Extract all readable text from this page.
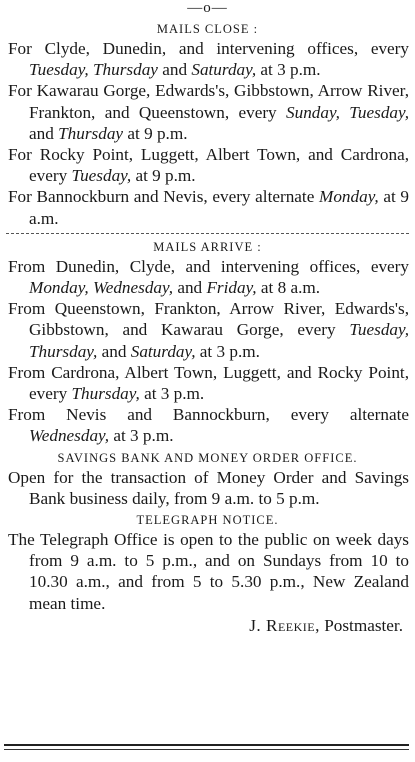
—o—
MAILS CLOSE :

For Clyde, Dunedin, and intervening offices, every Tuesday, Thursday and Saturday, at 3 p.m.

For Kawarau Gorge, Edwards's, Gibbstown, Arrow River, Frankton, and Queenstown, every Sunday, Tuesday, and Thursday at 9 p.m.

For Rocky Point, Luggett, Albert Town, and Cardrona, every Tuesday, at 9 p.m.

For Bannockburn and Nevis, every alternate Monday, at 9 a.m.

MAILS ARRIVE :

From Dunedin, Clyde, and intervening offices, every Monday, Wednesday, and Friday, at 8 a.m.

From Queenstown, Frankton, Arrow River, Edwards's, Gibbstown, and Kawarau Gorge, every Tuesday, Thursday, and Saturday, at 3 p.m.

From Cardrona, Albert Town, Luggett, and Rocky Point, every Thursday, at 3 p.m.

From Nevis and Bannockburn, every alternate Wednesday, at 3 p.m.

SAVINGS BANK AND MONEY ORDER OFFICE.

Open for the transaction of Money Order and Savings Bank business daily, from 9 a.m. to 5 p.m.

TELEGRAPH NOTICE.

The Telegraph Office is open to the public on week days from 9 a.m. to 5 p.m., and on Sundays from 10 to 10.30 a.m., and from 5 to 5.30 p.m., New Zealand mean time.

J. Reekie, Postmaster.
